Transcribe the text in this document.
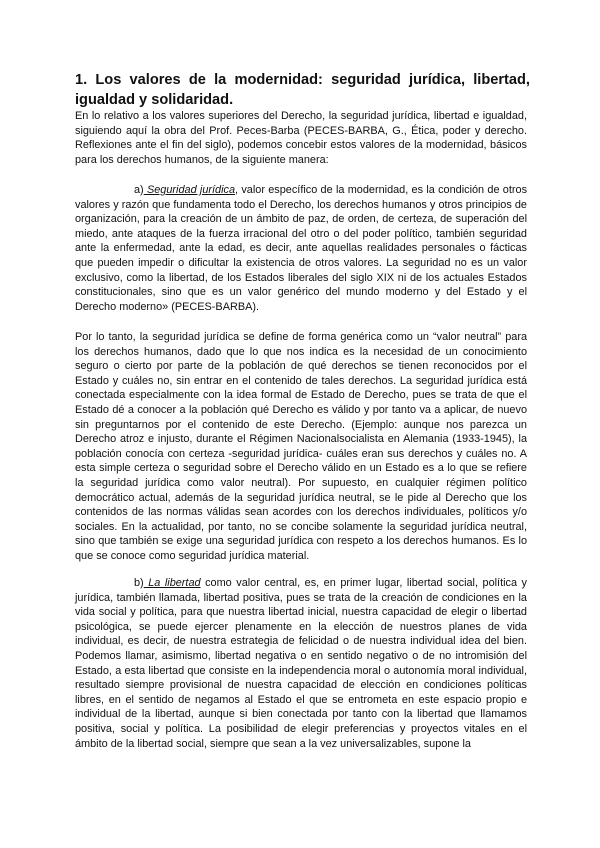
1. Los valores de la modernidad: seguridad jurídica, libertad, igualdad y solidaridad.

En lo relativo a los valores superiores del Derecho, la seguridad jurídica, libertad e igualdad, siguiendo aquí la obra del Prof. Peces-Barba (PECES-BARBA, G., Ética, poder y derecho. Reflexiones ante el fin del siglo), podemos concebir estos valores de la modernidad, básicos para los derechos humanos, de la siguiente manera:

a) Seguridad jurídica, valor específico de la modernidad, es la condición de otros valores y razón que fundamenta todo el Derecho, los derechos humanos y otros principios de organización, para la creación de un ámbito de paz, de orden, de certeza, de superación del miedo, ante ataques de la fuerza irracional del otro o del poder político, también seguridad ante la enfermedad, ante la edad, es decir, ante aquellas realidades personales o fácticas que pueden impedir o dificultar la existencia de otros valores. La seguridad no es un valor exclusivo, como la libertad, de los Estados liberales del siglo XIX ni de los actuales Estados constitucionales, sino que es un valor genérico del mundo moderno y del Estado y el Derecho moderno» (PECES-BARBA).

Por lo tanto, la seguridad jurídica se define de forma genérica como un “valor neutral” para los derechos humanos, dado que lo que nos indica es la necesidad de un conocimiento seguro o cierto por parte de la población de qué derechos se tienen reconocidos por el Estado y cuáles no, sin entrar en el contenido de tales derechos. La seguridad jurídica está conectada especialmente con la idea formal de Estado de Derecho, pues se trata de que el Estado dé a conocer a la población qué Derecho es válido y por tanto va a aplicar, de nuevo sin preguntarnos por el contenido de este Derecho. (Ejemplo: aunque nos parezca un Derecho atroz e injusto, durante el Régimen Nacionalsocialista en Alemania (1933-1945), la población conocía con certeza -seguridad jurídica- cuáles eran sus derechos y cuáles no. A esta simple certeza o seguridad sobre el Derecho válido en un Estado es a lo que se refiere la seguridad jurídica como valor neutral). Por supuesto, en cualquier régimen político democrático actual, además de la seguridad jurídica neutral, se le pide al Derecho que los contenidos de las normas válidas sean acordes con los derechos individuales, políticos y/o sociales. En la actualidad, por tanto, no se concibe solamente la seguridad jurídica neutral, sino que también se exige una seguridad jurídica con respeto a los derechos humanos. Es lo que se conoce como seguridad jurídica material.

b) La libertad como valor central, es, en primer lugar, libertad social, política y jurídica, también llamada, libertad positiva, pues se trata de la creación de condiciones en la vida social y política, para que nuestra libertad inicial, nuestra capacidad de elegir o libertad psicológica, se puede ejercer plenamente en la elección de nuestros planes de vida individual, es decir, de nuestra estrategia de felicidad o de nuestra individual idea del bien. Podemos llamar, asimismo, libertad negativa o en sentido negativo o de no intromisión del Estado, a esta libertad que consiste en la independencia moral o autonomía moral individual, resultado siempre provisional de nuestra capacidad de elección en condiciones políticas libres, en el sentido de negamos al Estado el que se entrometa en este espacio propio e individual de la libertad, aunque si bien conectada por tanto con la libertad que llamamos positiva, social y política. La posibilidad de elegir preferencias y proyectos vitales en el ámbito de la libertad social, siempre que sean a la vez universalizables, supone la
